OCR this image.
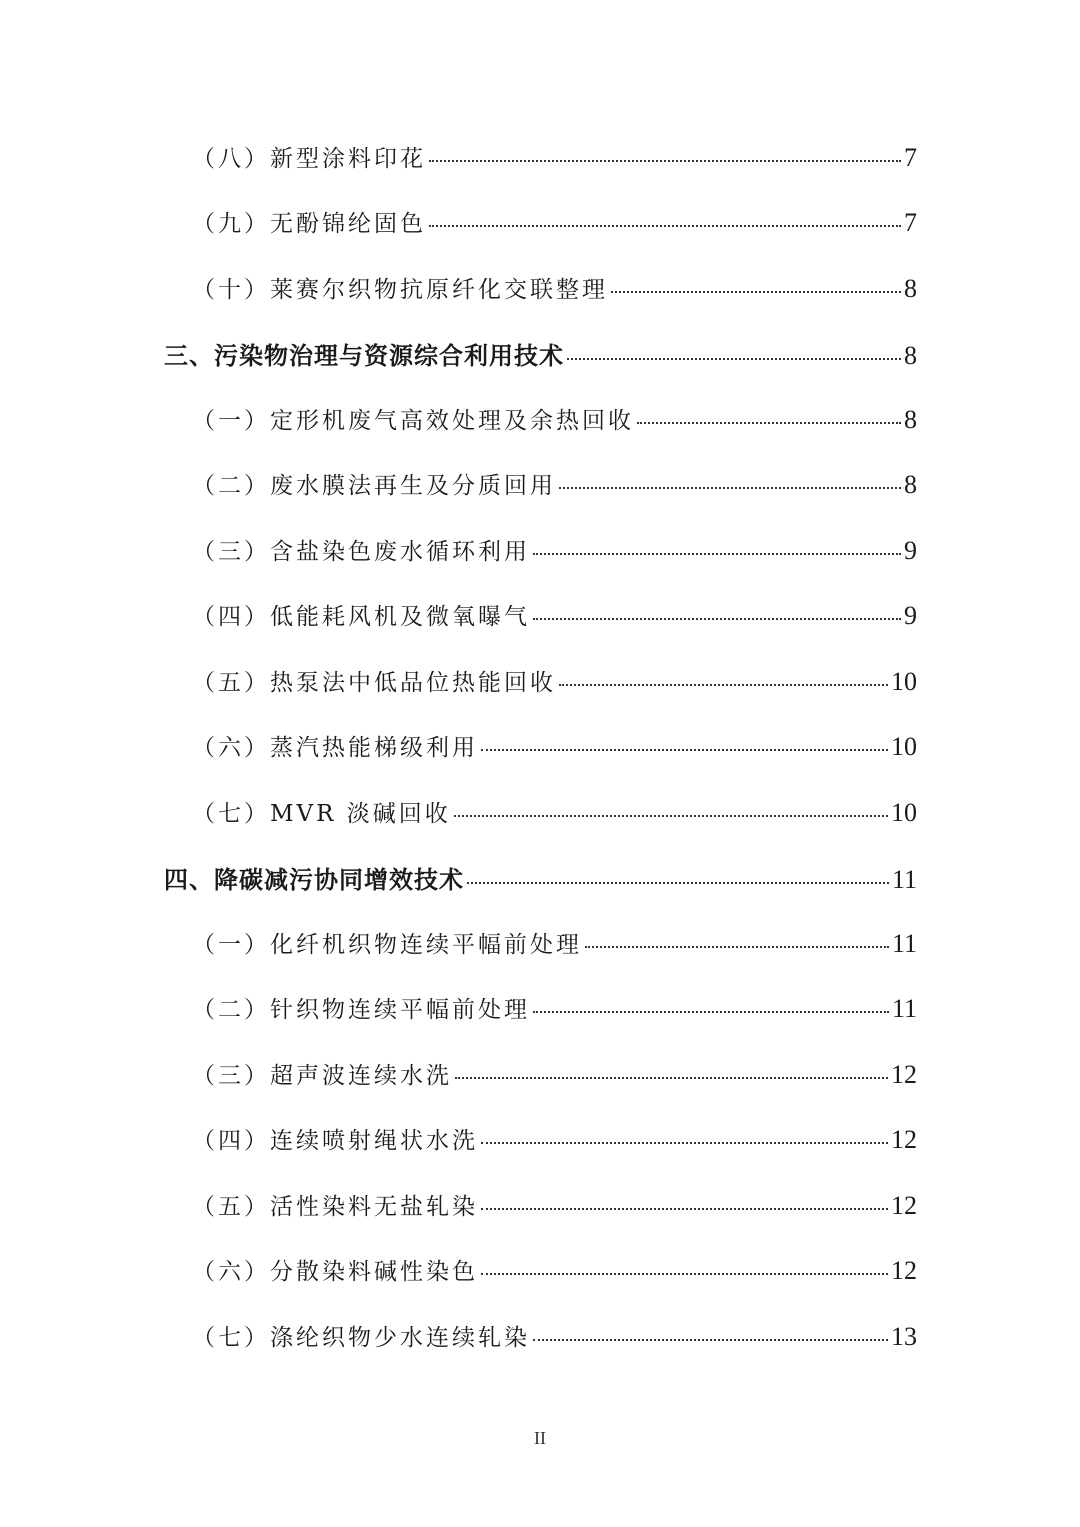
（八）新型涂料印花	7
（九）无酚锦纶固色	7
（十）莱赛尔织物抗原纤化交联整理	8
三、污染物治理与资源综合利用技术	8
（一）定形机废气高效处理及余热回收	8
（二）废水膜法再生及分质回用	8
（三）含盐染色废水循环利用	9
（四）低能耗风机及微氧曝气	9
（五）热泵法中低品位热能回收	10
（六）蒸汽热能梯级利用	10
（七）MVR 淡碱回收	10
四、降碳减污协同增效技术	11
（一）化纤机织物连续平幅前处理	11
（二）针织物连续平幅前处理	11
（三）超声波连续水洗	12
（四）连续喷射绳状水洗	12
（五）活性染料无盐轧染	12
（六）分散染料碱性染色	12
（七）涤纶织物少水连续轧染	13
II
